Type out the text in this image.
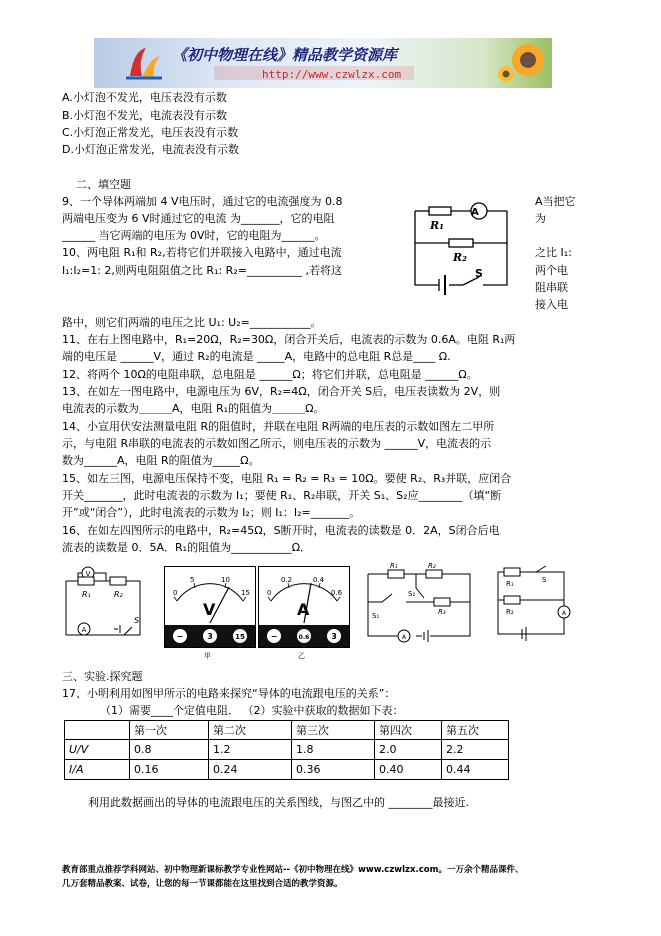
《初中物理在线》精品教学资源库
http://www.czwlzx.com
A.小灯泡不发光，电压表没有示数
B.小灯泡不发光，电流表没有示数
C.小灯泡正常发光，电压表没有示数
D.小灯泡正常发光，电流表没有示数
二、填空题
9、一个导体两端加 4 V电压时，通过它的电流强度为 0.8
两端电压变为 6 V时通过它的电流 为_______，它的电阻
______ 当它两端的电压为 0V时，它的电阻为______。
A当把它
为
10、两电阻 R₁和 R₂,若将它们并联接入电路中，通过电流
I₁:I₂=1: 2,则两电阻阻值之比 R₁: R₂=__________ ,若将这
之比 I₁:
两个电
阻串联
接入电
路中，则它们两端的电压之比 U₁: U₂=___________。
R₁
A
R₂
S
11、在右上图电路中，R₁=20Ω，R₂=30Ω，闭合开关后，电流表的示数为 0.6A。电阻 R₁两
端的电压是 ______V，通过 R₂的电流是 _____A，电路中的总电阻 R总是____ Ω.
12、将两个 10Ω的电阻串联，总电阻是 ______Ω；将它们并联，总电阻是 ______Ω。
13、在如左一图电路中，电源电压为 6V，R₂=4Ω，闭合开关 S后，电压表读数为 2V，则
电流表的示数为＿＿＿A，电阻 R₁的阻值为＿＿＿Ω。
14、小宣用伏安法测量电阻 R的阻值时，并联在电阻 R两端的电压表的示数如图左二甲所
示，与电阻 R串联的电流表的示数如图乙所示，则电压表的示数为 ______V，电流表的示
数为______A，电阻 R的阻值为_____Ω。
15、如左三图，电源电压保持不变，电阻 R₁ = R₂ = R₃ = 10Ω。要使 R₂、R₃并联，应闭合
开关_______，此时电流表的示数为 I₁；要使 R₁、R₂串联，开关 S₁、S₂应________（填“断
开”或“闭合”），此时电流表的示数为 I₂；则 I₁：I₂=_______。
16、在如左四图所示的电路中，R₂=45Ω，S断开时，电流表的读数是 0．2A，S闭合后电
流表的读数是 0．5A．R₁的阻值为___________Ω．
V
R₁	R₂
A
S
0
5	10
15
V
−	3	15
甲
0
0.2	0.4
0.6
A
−	0.6	3
乙
R₁	R₂
R₃
S₁
S₂
A
R₁
R₂
S
A
三、实验.探究题
17、小明利用如图甲所示的电路来探究“导体的电流跟电压的关系”：
（1）需要____个定值电阻． （2）实验中获取的数据如下表：
	第一次	第二次	第三次	第四次	第五次
U/V	0.8	1.2	1.8	2.0	2.2
I/A	0.16	0.24	0.36	0.40	0.44
利用此数据画出的导体的电流跟电压的关系图线，与图乙中的 ________最接近.
教育部重点推荐学科网站、初中物理新课标教学专业性网站--《初中物理在线》www.czwlzx.com。一万余个精品课件、
几万套精品教案、试卷，让您的每一节课都能在这里找到合适的教学资源。
